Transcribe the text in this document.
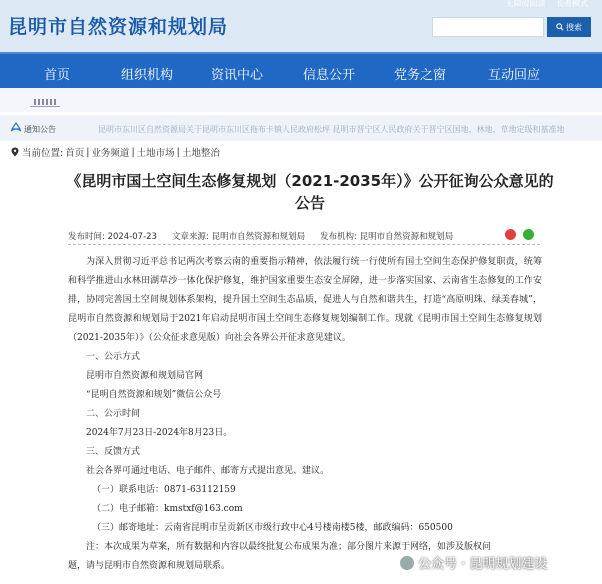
无障碍阅读 长者模式
昆明市自然资源和规划局	搜索
首页	组织机构	资讯中心	信息公开	党务之窗	互动回应
通知公告	昆明市东川区自然资源局关于昆明市东川区拖布卡镇人民政府松坪 昆明市晋宁区人民政府关于晋宁区国地、林地、草地定级和基准地
当前位置: 首页 | 业务频道 | 土地市场 | 土地整治
《昆明市国土空间生态修复规划（2021-2035年）》公开征询公众意见的 公告
发布时间: 2024-07-23 文章来源: 昆明市自然资源和规划局 发布机构: 昆明市自然资源和规划局
为深入贯彻习近平总书记两次考察云南的重要指示精神，依法履行统一行使所有国土空间生态保护修复职责，统筹和科学推进山水林田湖草沙一体化保护修复，维护国家重要生态安全屏障，进一步落实国家、云南省生态修复的工作安排，协同完善国土空间规划体系架构，提升国土空间生态品质，促进人与自然和谐共生，打造“高原明珠、绿美春城”，昆明市自然资源和规划局于2021年启动昆明市国土空间生态修复规划编制工作。现就《昆明市国土空间生态修复规划（2021-2035年）》（公众征求意见版）向社会各界公开征求意见建议。
一、公示方式
昆明市自然资源和规划局官网
“昆明自然资源和规划”微信公众号
二、公示时间
2024年7月23日-2024年8月23日。
三、反馈方式
社会各界可通过电话、电子邮件、邮寄方式提出意见、建议。
（一）联系电话：0871-63112159
（二）电子邮箱：kmstxf@163.com
（三）邮寄地址：云南省昆明市呈贡新区市级行政中心4号楼南楼5楼，邮政编码：650500
注：本次成果为草案，所有数据和内容以最终批复公布成果为准；部分图片来源于网络，如涉及版权问
题，请与昆明市自然资源和规划局联系。	公众号 · 昆明规划建设
